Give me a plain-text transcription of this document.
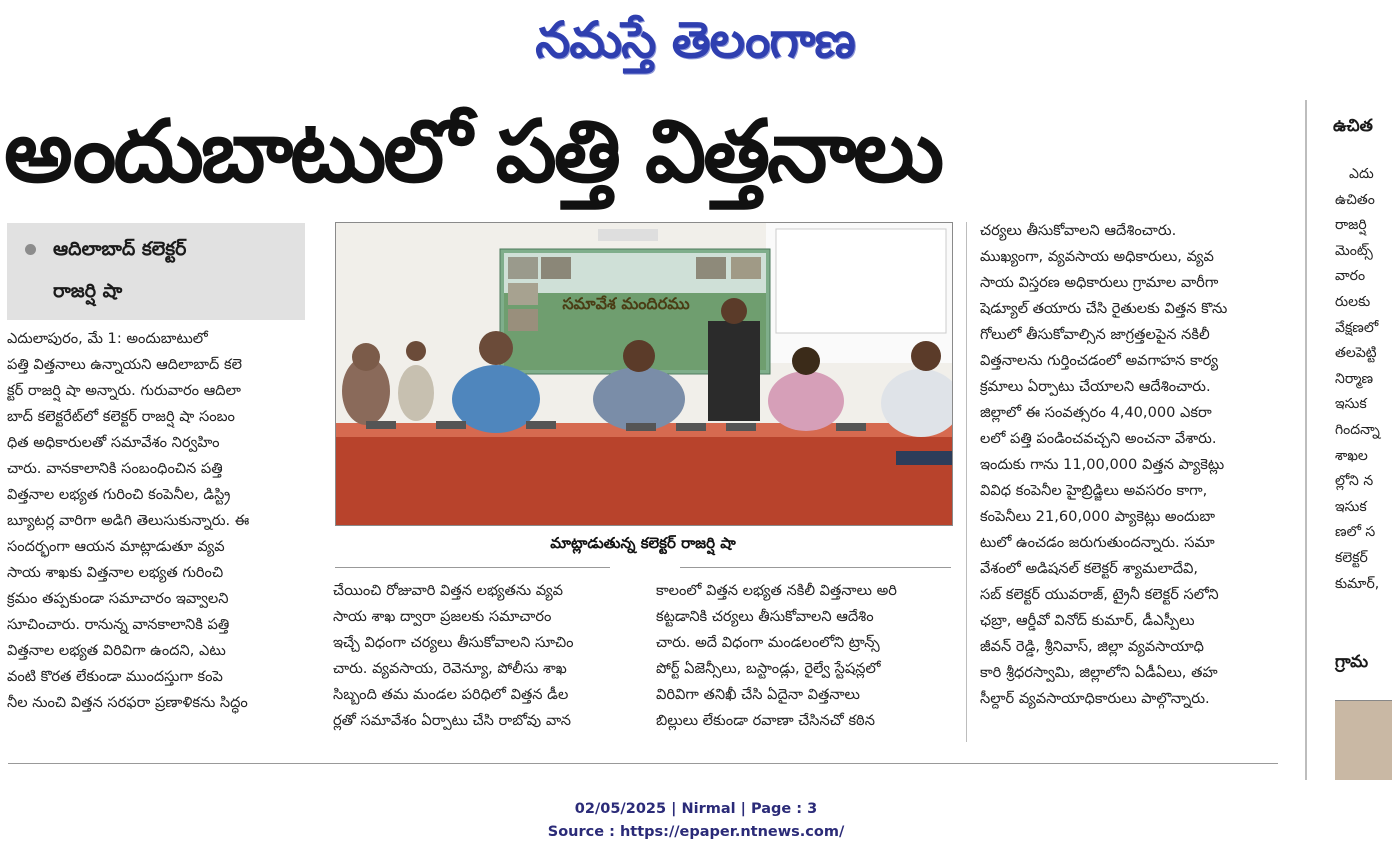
నమస్తే తెలంగాణ
అందుబాటులో పత్తి విత్తనాలు
ఆదిలాబాద్ కలెక్టర్
రాజర్షి షా

ఎదులాపురం, మే 1: అందుబాటులో

పత్తి విత్తనాలు ఉన్నాయని ఆదిలాబాద్ కలె

క్టర్ రాజర్షి షా అన్నారు. గురువారం ఆదిలా

బాద్ కలెక్టరేట్‌లో కలెక్టర్ రాజర్షి షా సంబం

ధిత అధికారులతో సమావేశం నిర్వహిం

చారు. వానకాలానికి సంబంధించిన పత్తి

విత్తనాల లభ్యత గురించి కంపెనీల, డిస్ట్రి

బ్యూటర్ల వారిగా అడిగి తెలుసుకున్నారు. ఈ

సందర్భంగా ఆయన మాట్లాడుతూ వ్యవ

సాయ శాఖకు విత్తనాల లభ్యత గురించి

క్రమం తప్పకుండా సమాచారం ఇవ్వాలని

సూచించారు. రానున్న వానకాలానికి పత్తి

విత్తనాల లభ్యత విరివిగా ఉందని, ఎటు

వంటి కొరత లేకుండా ముందస్తుగా కంపె

నీల నుంచి విత్తన సరఫరా ప్రణాళికను సిద్ధం

సమావేశ మందిరము
మాట్లాడుతున్న కలెక్టర్ రాజర్షి షా

చేయించి రోజువారి విత్తన లభ్యతను వ్యవ

సాయ శాఖ ద్వారా ప్రజలకు సమాచారం

ఇచ్చే విధంగా చర్యలు తీసుకోవాలని సూచిం

చారు. వ్యవసాయ, రెవెన్యూ, పోలీసు శాఖ

సిబ్బంది తమ మండల పరిధిలో విత్తన డీల

ర్లతో సమావేశం ఏర్పాటు చేసి రాబోవు వాన

కాలంలో విత్తన లభ్యత నకిలీ విత్తనాలు అరి

కట్టడానికి చర్యలు తీసుకోవాలని ఆదేశిం

చారు. అదే విధంగా మండలంలోని ట్రాన్స్

పోర్ట్ ఏజెన్సీలు, బస్టాండ్లు, రైల్వే స్టేషన్లలో

విరివిగా తనిఖీ చేసి ఏదైనా విత్తనాలు

బిల్లులు లేకుండా రవాణా చేసినచో కఠిన

చర్యలు తీసుకోవాలని ఆదేశించారు.

ముఖ్యంగా, వ్యవసాయ అధికారులు, వ్యవ

సాయ విస్తరణ అధికారులు గ్రామాల వారీగా

షెడ్యూల్ తయారు చేసి రైతులకు విత్తన కొను

గోలులో తీసుకోవాల్సిన జాగ్రత్తలపైన నకిలీ

విత్తనాలను గుర్తించడంలో అవగాహన కార్య

క్రమాలు ఏర్పాటు చేయాలని ఆదేశించారు.

జిల్లాలో ఈ సంవత్సరం 4,40,000 ఎకరా

లలో పత్తి పండించవచ్చని అంచనా వేశారు.

ఇందుకు గాను 11,00,000 విత్తన ప్యాకెట్లు

వివిధ కంపెనీల హైబ్రిడ్జిలు అవసరం కాగా,

కంపెనీలు 21,60,000 ప్యాకెట్లు అందుబా

టులో ఉంచడం జరుగుతుందన్నారు. సమా

వేశంలో అడిషనల్ కలెక్టర్ శ్యామలాదేవి,

సబ్ కలెక్టర్ యువరాజ్, ట్రైనీ కలెక్టర్ సలోని

ఛబ్రా, ఆర్డీవో వినోద్ కుమార్, డీఎస్పీలు

జీవన్ రెడ్డి, శ్రీనివాస్, జిల్లా వ్యవసాయాధి

కారి శ్రీధరస్వామి, జిల్లాలోని ఏడీఏలు, తహ

సీల్దార్ వ్యవసాయాధికారులు పాల్గొన్నారు.

ఉచిత
ఎదు
ఉచితం
రాజర్షి
మెంట్స్
వారం
రులకు
వేక్షణలో
తలపెట్టి
నిర్మాణ
ఇసుక
గిందన్నా
శాఖల
ల్లోని న
ఇసుక
ణలో స
కలెక్టర్
కుమార్,
గ్రామ
02/05/2025 | Nirmal | Page : 3
Source : https://epaper.ntnews.com/
